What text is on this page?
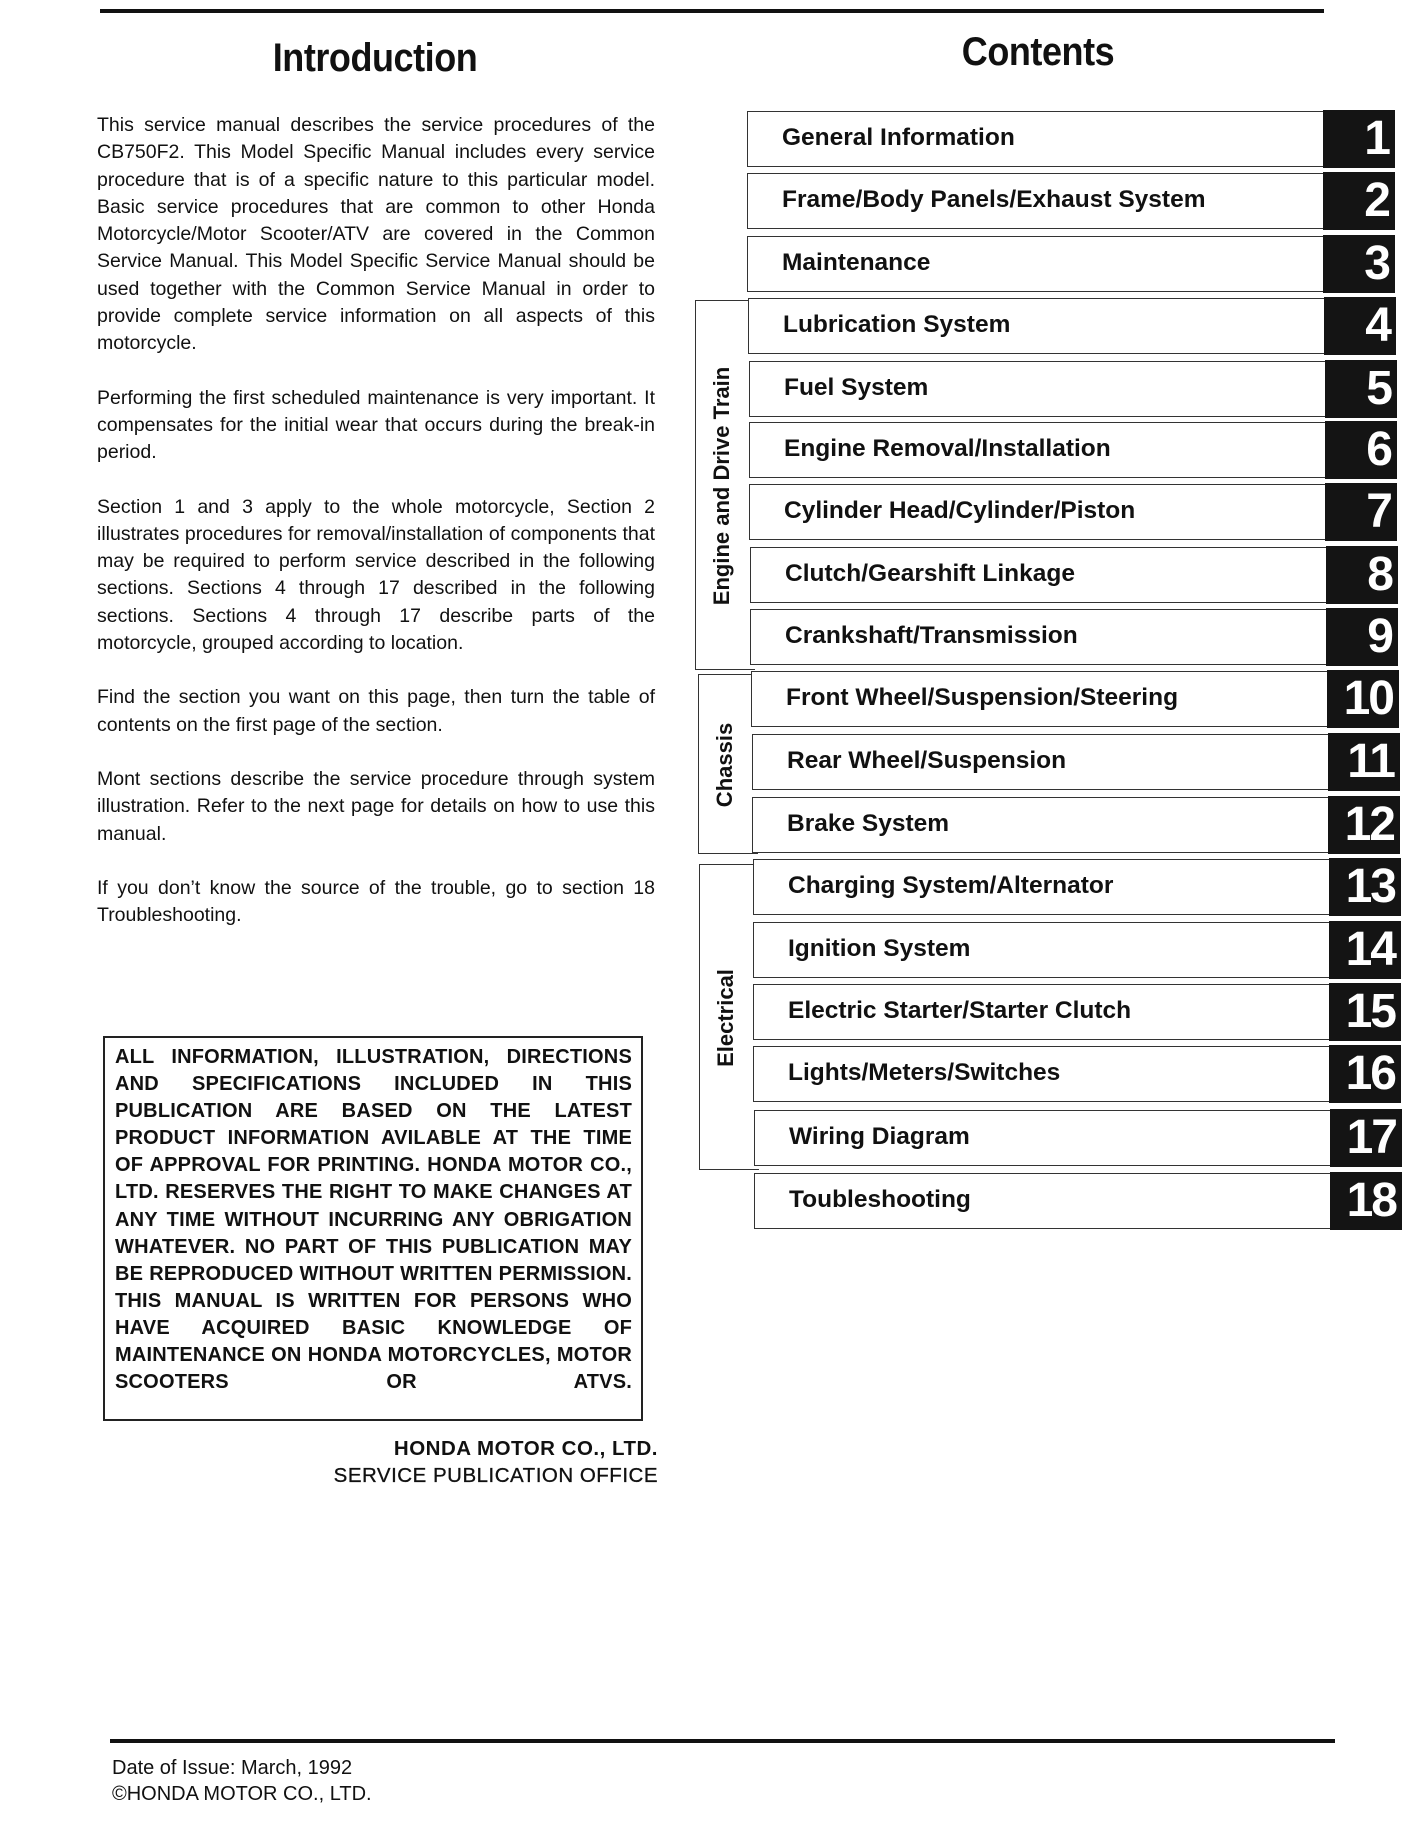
Introduction	Contents

This service manual describes the service procedures of the CB750F2. This Model Specific Manual includes every service procedure that is of a specific nature to this particular model. Basic service procedures that are common to other Honda Motorcycle/Motor Scooter/ATV are covered in the Common Service Manual. This Model Specific Service Manual should be used together with the Common Service Manual in order to provide complete service information on all aspects of this motorcycle.

Performing the first scheduled maintenance is very important. It compensates for the initial wear that occurs during the break-in period.

Section 1 and 3 apply to the whole motorcycle, Section 2 illustrates procedures for removal/installation of components that may be required to perform service described in the following sections. Sections 4 through 17 described in the following sections. Sections 4 through 17 describe parts of the motorcycle, grouped according to location.

Find the section you want on this page, then turn the table of contents on the first page of the section.

Mont sections describe the service procedure through system illustration. Refer to the next page for details on how to use this manual.

If you don’t know the source of the trouble, go to section 18 Troubleshooting.

ALL INFORMATION, ILLUSTRATION, DIRECTIONS AND SPECIFICATIONS INCLUDED IN THIS PUBLICATION ARE BASED ON THE LATEST PRODUCT INFORMATION AVILABLE AT THE TIME OF APPROVAL FOR PRINTING. HONDA MOTOR CO., LTD. RESERVES THE RIGHT TO MAKE CHANGES AT ANY TIME WITHOUT INCURRING ANY OBRIGATION WHATEVER. NO PART OF THIS PUBLICATION MAY BE REPRODUCED WITHOUT WRITTEN PERMISSION. THIS MANUAL IS WRITTEN FOR PERSONS WHO HAVE ACQUIRED BASIC KNOWLEDGE OF MAINTENANCE ON HONDA MOTORCYCLES, MOTOR SCOOTERS OR ATVS.
HONDA MOTOR CO., LTD.
SERVICE PUBLICATION OFFICE
Engine and Drive Train
Chassis
Electrical
General Information	1
Frame/Body Panels/Exhaust System	2
Maintenance	3
Lubrication System	4
Fuel System	5
Engine Removal/Installation	6
Cylinder Head/Cylinder/Piston	7
Clutch/Gearshift Linkage	8
Crankshaft/Transmission	9
Front Wheel/Suspension/Steering	10
Rear Wheel/Suspension	11
Brake System	12
Charging System/Alternator	13
Ignition System	14
Electric Starter/Starter Clutch	15
Lights/Meters/Switches	16
Wiring Diagram	17
Toubleshooting	18
Date of Issue: March, 1992
©HONDA MOTOR CO., LTD.
